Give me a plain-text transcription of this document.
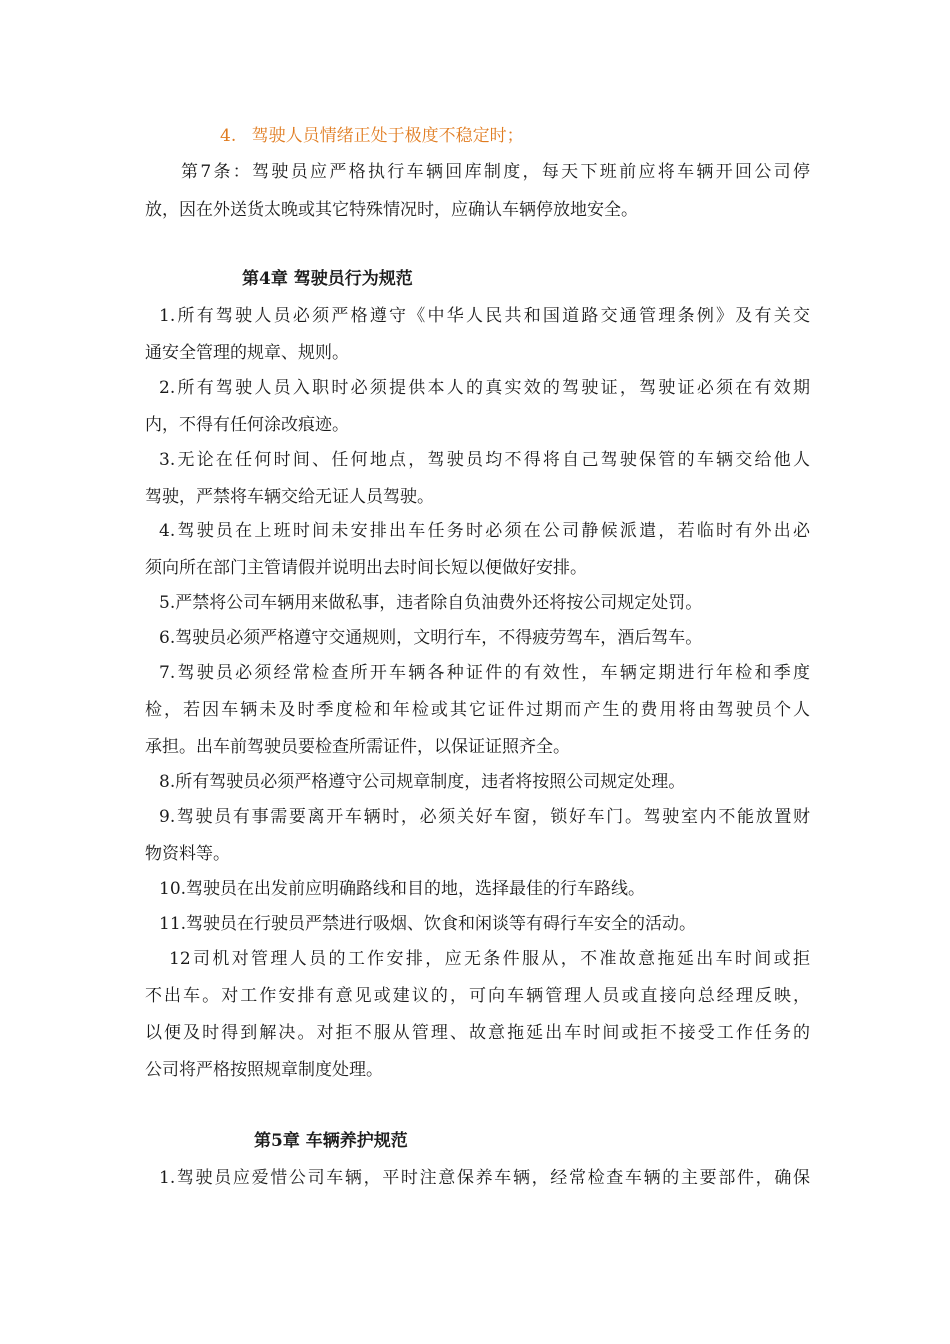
4. 驾驶人员情绪正处于极度不稳定时；
第7条：驾驶员应严格执行车辆回库制度，每天下班前应将车辆开回公司停
放，因在外送货太晚或其它特殊情况时，应确认车辆停放地安全。
第4章 驾驶员行为规范
1.所有驾驶人员必须严格遵守《中华人民共和国道路交通管理条例》及有关交
通安全管理的规章、规则。
2.所有驾驶人员入职时必须提供本人的真实效的驾驶证，驾驶证必须在有效期
内，不得有任何涂改痕迹。
3.无论在任何时间、任何地点，驾驶员均不得将自己驾驶保管的车辆交给他人
驾驶，严禁将车辆交给无证人员驾驶。
4.驾驶员在上班时间未安排出车任务时必须在公司静候派遣，若临时有外出必
须向所在部门主管请假并说明出去时间长短以便做好安排。
5.严禁将公司车辆用来做私事，违者除自负油费外还将按公司规定处罚。
6.驾驶员必须严格遵守交通规则，文明行车，不得疲劳驾车，酒后驾车。
7.驾驶员必须经常检查所开车辆各种证件的有效性，车辆定期进行年检和季度
检，若因车辆未及时季度检和年检或其它证件过期而产生的费用将由驾驶员个人
承担。出车前驾驶员要检查所需证件，以保证证照齐全。
8.所有驾驶员必须严格遵守公司规章制度，违者将按照公司规定处理。
9.驾驶员有事需要离开车辆时，必须关好车窗，锁好车门。驾驶室内不能放置财
物资料等。
10.驾驶员在出发前应明确路线和目的地，选择最佳的行车路线。
11.驾驶员在行驶员严禁进行吸烟、饮食和闲谈等有碍行车安全的活动。
12司机对管理人员的工作安排，应无条件服从，不准故意拖延出车时间或拒
不出车。对工作安排有意见或建议的，可向车辆管理人员或直接向总经理反映，
以便及时得到解决。对拒不服从管理、故意拖延出车时间或拒不接受工作任务的
公司将严格按照规章制度处理。
第5章 车辆养护规范
1.驾驶员应爱惜公司车辆，平时注意保养车辆，经常检查车辆的主要部件，确保
